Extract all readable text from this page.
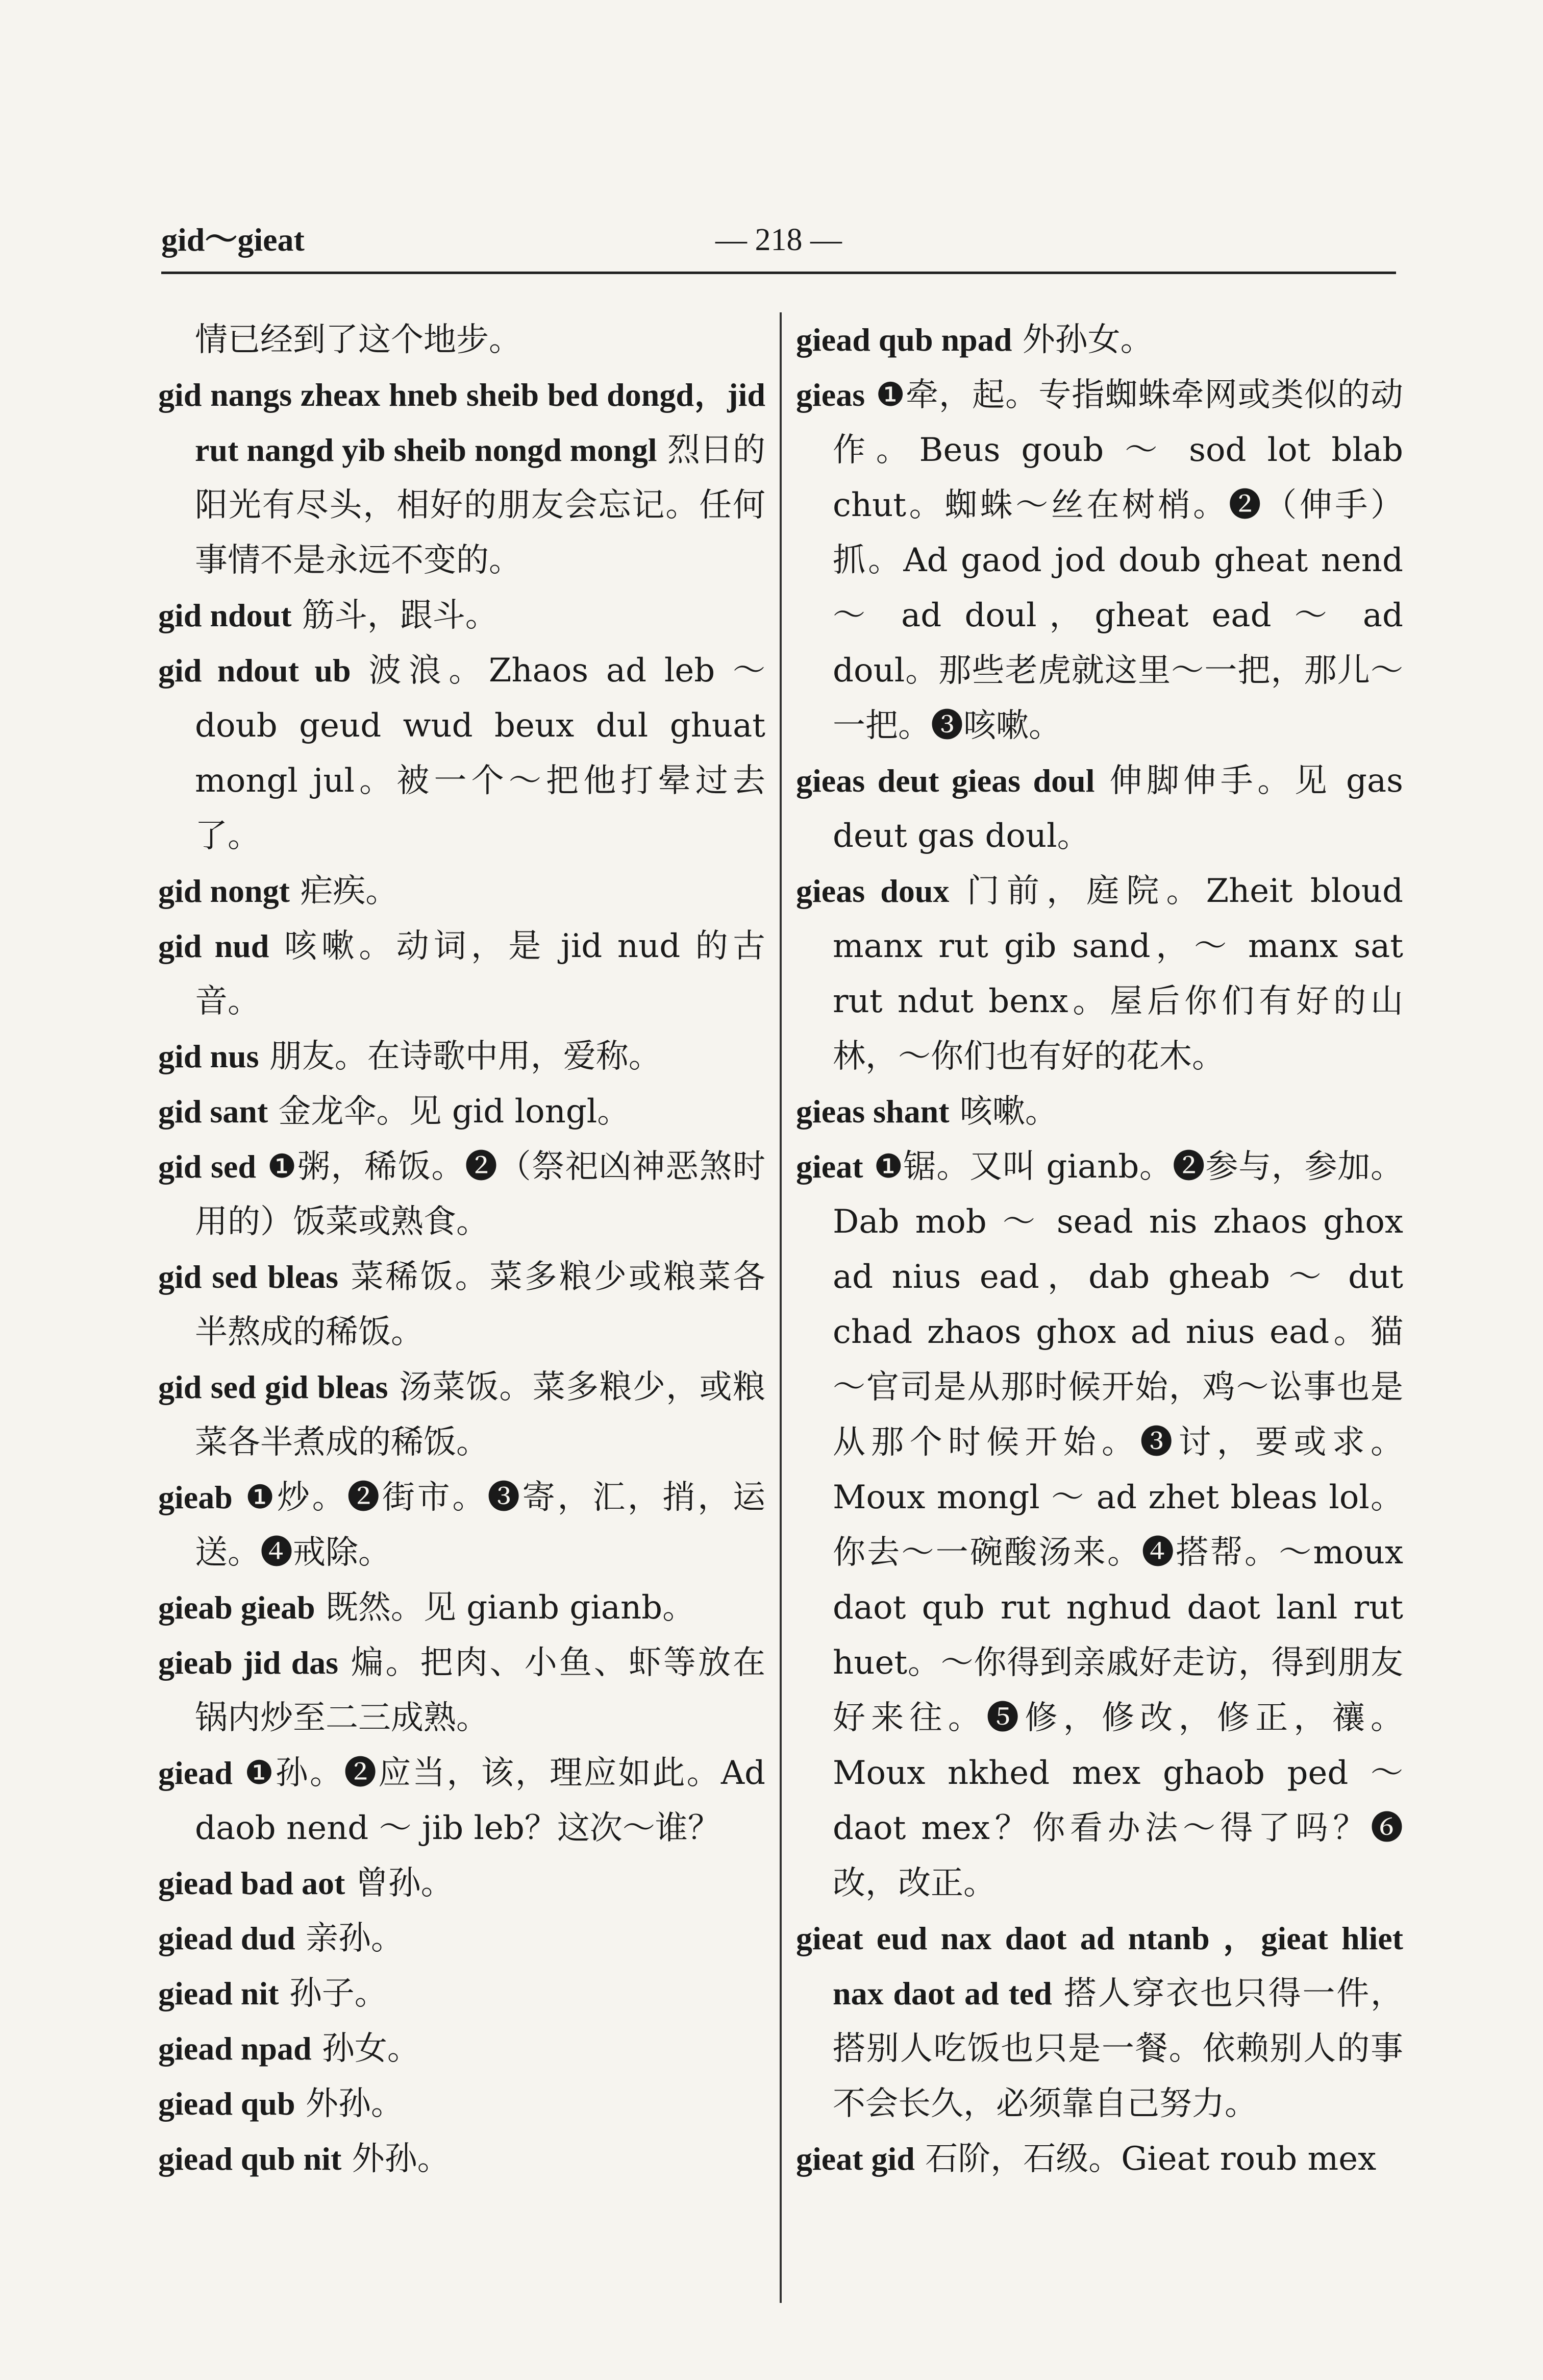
— 218 —
gid～gieat

情已经到了这个地步。

gid nangs zheax hneb sheib bed dongd，jid rut nangd yib sheib nongd mongl 烈日的阳光有尽头，相好的朋友会忘记。任何事情不是永远不变的。

gid ndout 筋斗，跟斗。

gid ndout ub 波浪。Zhaos ad leb ～ doub geud wud beux dul ghuat mongl jul。被一个～把他打晕过去了。

gid nongt 疟疾。

gid nud 咳嗽。动词，是 jid nud 的古音。

gid nus 朋友。在诗歌中用，爱称。

gid sant 金龙伞。见 gid longl。

gid sed ❶粥，稀饭。❷（祭祀凶神恶煞时用的）饭菜或熟食。

gid sed bleas 菜稀饭。菜多粮少或粮菜各半熬成的稀饭。

gid sed gid bleas 汤菜饭。菜多粮少，或粮菜各半煮成的稀饭。

gieab ❶炒。❷街市。❸寄，汇，捎，运送。❹戒除。

gieab gieab 既然。见 gianb gianb。

gieab jid das 煸。把肉、小鱼、虾等放在锅内炒至二三成熟。

giead ❶孙。❷应当，该，理应如此。Ad daob nend ～ jib leb？这次～谁？

giead bad aot 曾孙。

giead dud 亲孙。

giead nit 孙子。

giead npad 孙女。

giead qub 外孙。

giead qub nit 外孙。

giead qub npad 外孙女。

gieas ❶牵，起。专指蜘蛛牵网或类似的动作。Beus goub ～ sod lot blab chut。蜘蛛～丝在树梢。❷（伸手）抓。Ad gaod jod doub gheat nend ～ ad doul，gheat ead ～ ad doul。那些老虎就这里～一把，那儿～一把。❸咳嗽。

gieas deut gieas doul 伸脚伸手。见 gas deut gas doul。

gieas doux 门前，庭院。Zheit bloud manx rut gib sand，～ manx sat rut ndut benx。屋后你们有好的山林，～你们也有好的花木。

gieas shant 咳嗽。

gieat ❶锯。又叫 gianb。❷参与，参加。Dab mob ～ sead nis zhaos ghox ad nius ead，dab gheab ～ dut chad zhaos ghox ad nius ead。猫～官司是从那时候开始，鸡～讼事也是从那个时候开始。❸讨，要或求。Moux mongl ～ ad zhet bleas lol。你去～一碗酸汤来。❹搭帮。～moux daot qub rut nghud daot lanl rut huet。～你得到亲戚好走访，得到朋友好来往。❺修，修改，修正，禳。Moux nkhed mex ghaob ped ～ daot mex？你看办法～得了吗？❻改，改正。

gieat eud nax daot ad ntanb ，gieat hliet nax daot ad ted 搭人穿衣也只得一件，搭别人吃饭也只是一餐。依赖别人的事不会长久，必须靠自己努力。

gieat gid 石阶，石级。Gieat roub mex
